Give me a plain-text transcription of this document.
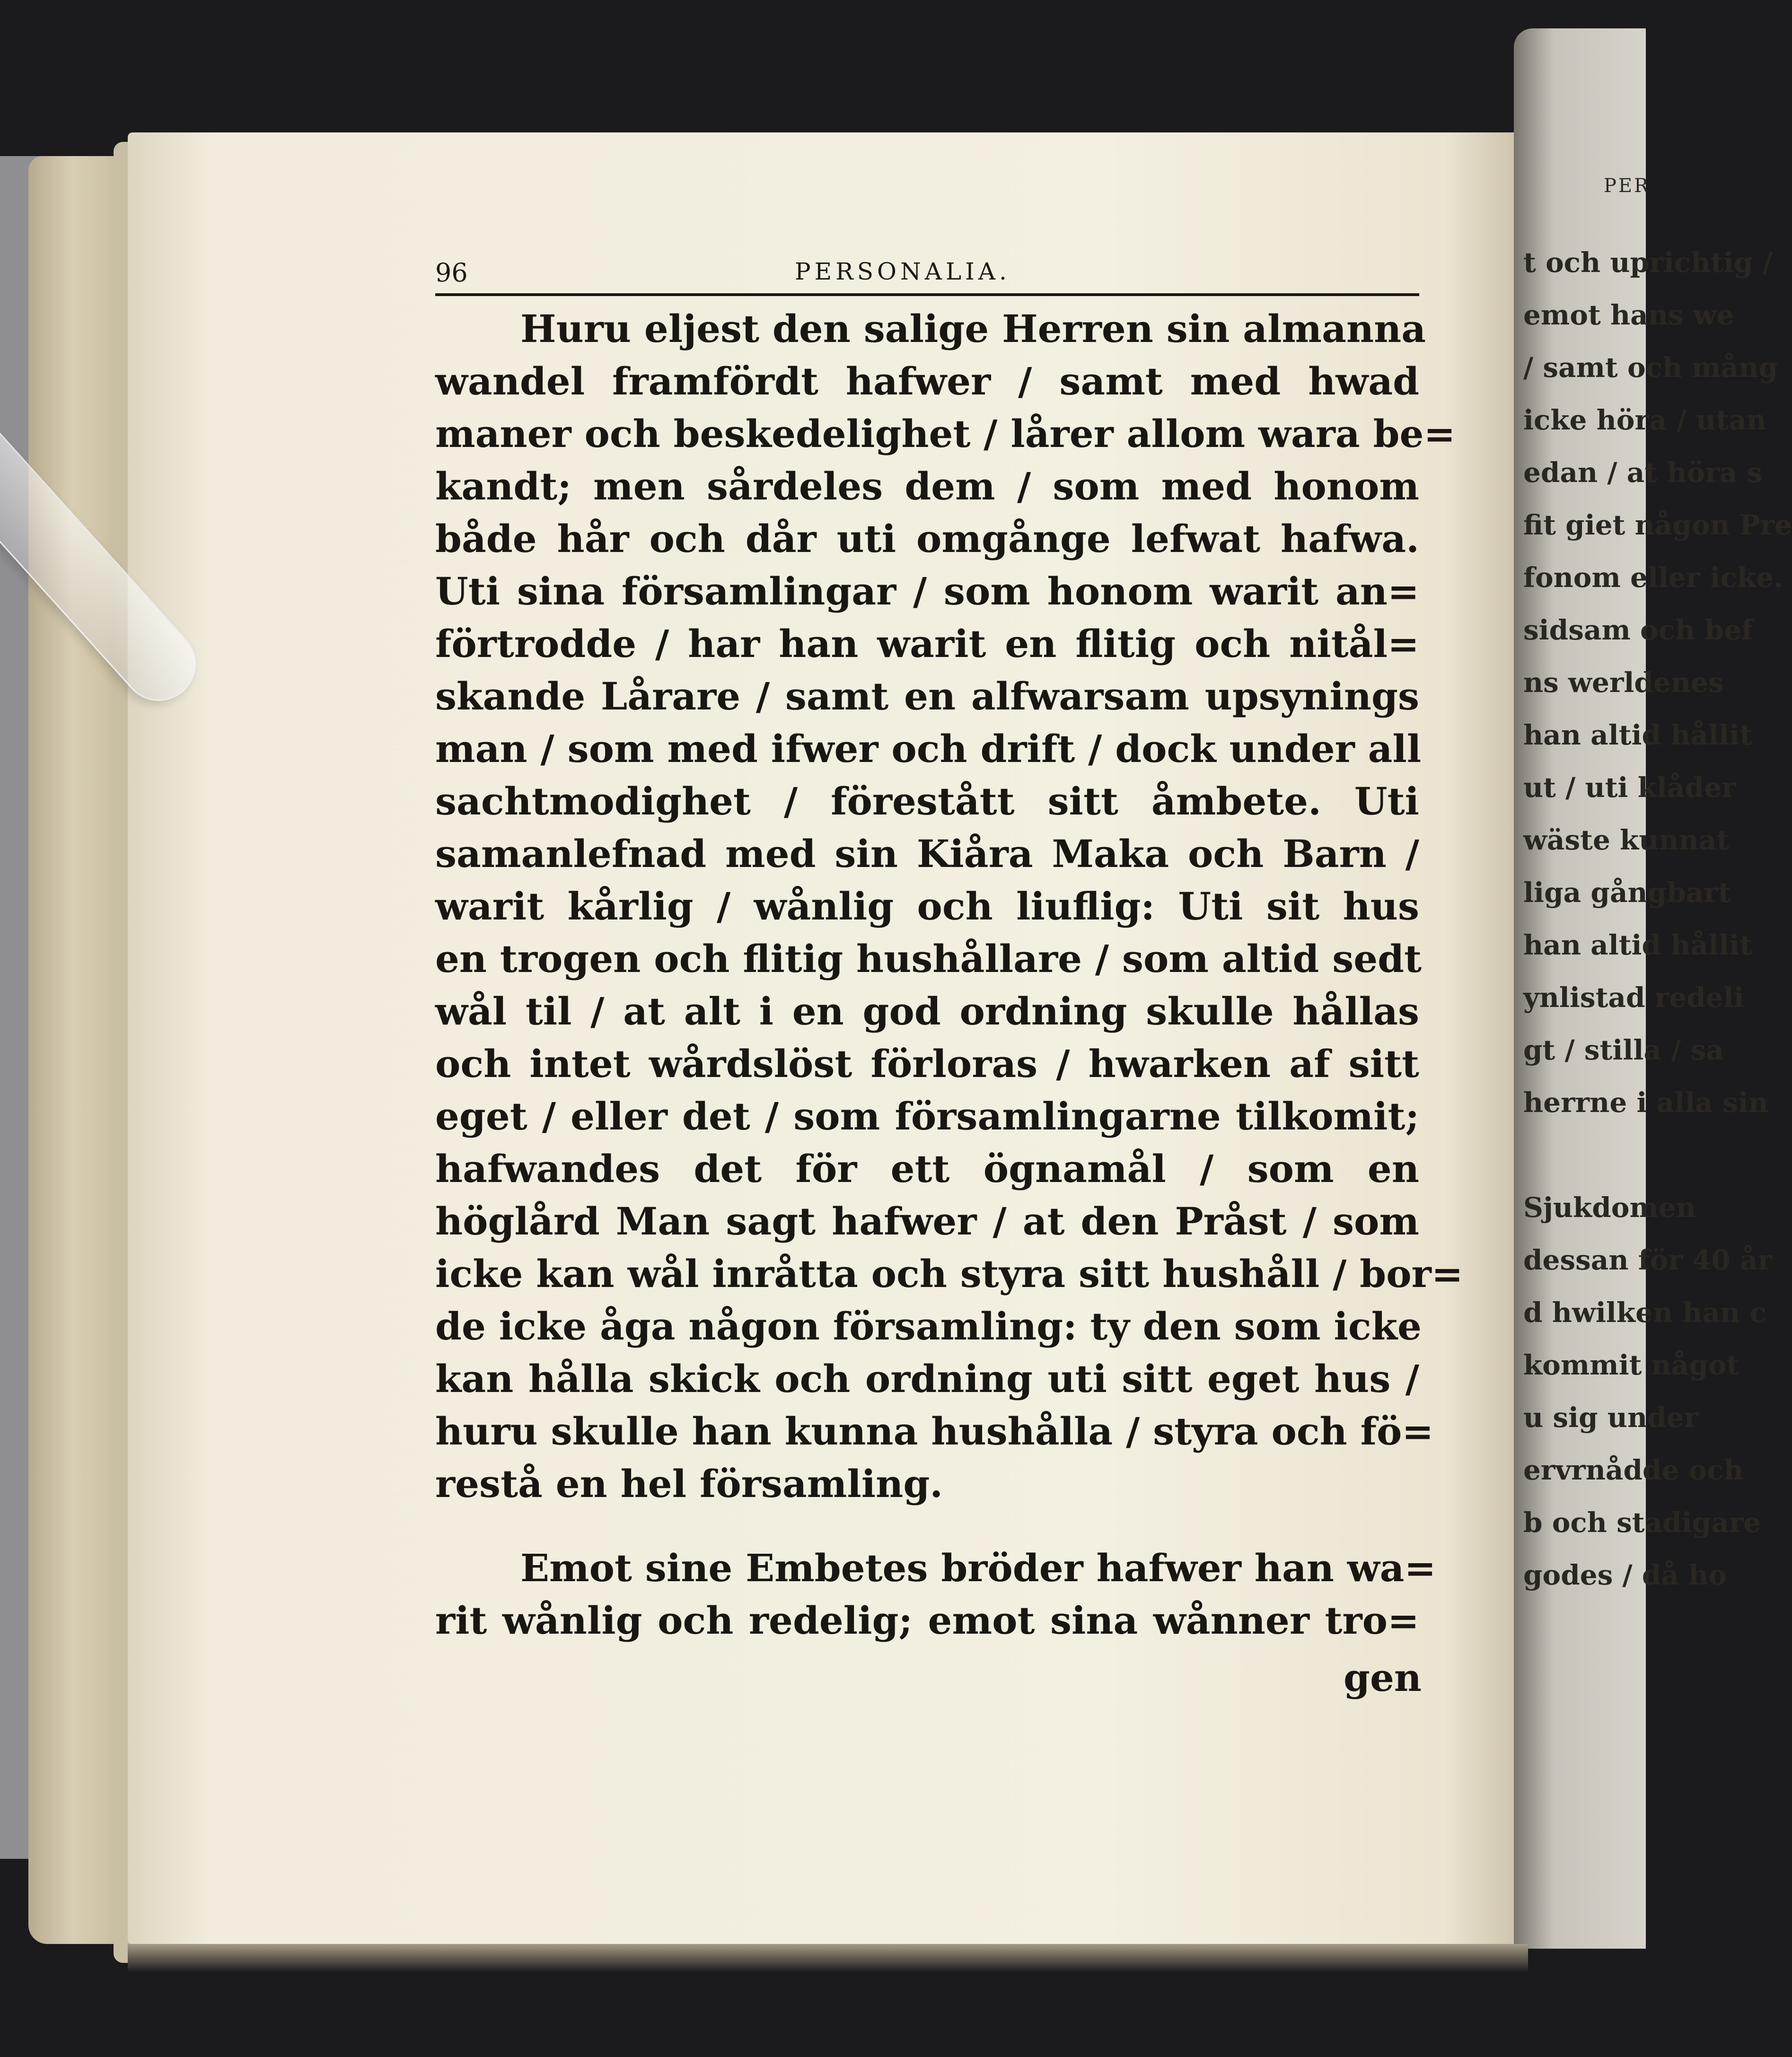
96	PERSONALIA.
Huru eljest den salige Herren sin almanna
wandel framfördt hafwer / samt med hwad
maner och beskedelighet / lårer allom wara be=
kandt; men sårdeles dem / som med honom
både hår och dår uti omgånge lefwat hafwa.
Uti sina församlingar / som honom warit an=
förtrodde / har han warit en flitig och nitål=
skande Lårare / samt en alfwarsam upsynings
man / som med ifwer och drift / dock under all
sachtmodighet / förestått sitt åmbete. Uti
samanlefnad med sin Kiåra Maka och Barn /
warit kårlig / wånlig och liuflig: Uti sit hus
en trogen och flitig hushållare / som altid sedt
wål til / at alt i en god ordning skulle hållas
och intet wårdslöst förloras / hwarken af sitt
eget / eller det / som församlingarne tilkomit;
hafwandes det för ett ögnamål / som en
höglård Man sagt hafwer / at den Pråst / som
icke kan wål inråtta och styra sitt hushåll / bor=
de icke åga någon församling: ty den som icke
kan hålla skick och ordning uti sitt eget hus /
huru skulle han kunna hushålla / styra och fö=
restå en hel församling.
Emot sine Embetes bröder hafwer han wa=
rit wånlig och redelig; emot sina wånner tro=
gen
PER
t och uprichtig /
emot hans we
/ samt och mång
icke höra / utan
edan / at höra s
fit giet någon Pre
fonom eller icke.
sidsam och bef
ns werldenes
han altid hållit
ut / uti klåder
wäste kunnat
liga gångbart
han altid hållit
ynlistad redeli
gt / stilla / sa
herrne i alla sin

Sjukdomen
dessan för 40 år
d hwilken han c
kommit något
u sig under
ervrnådde och
b och stadigare
godes / då ho
